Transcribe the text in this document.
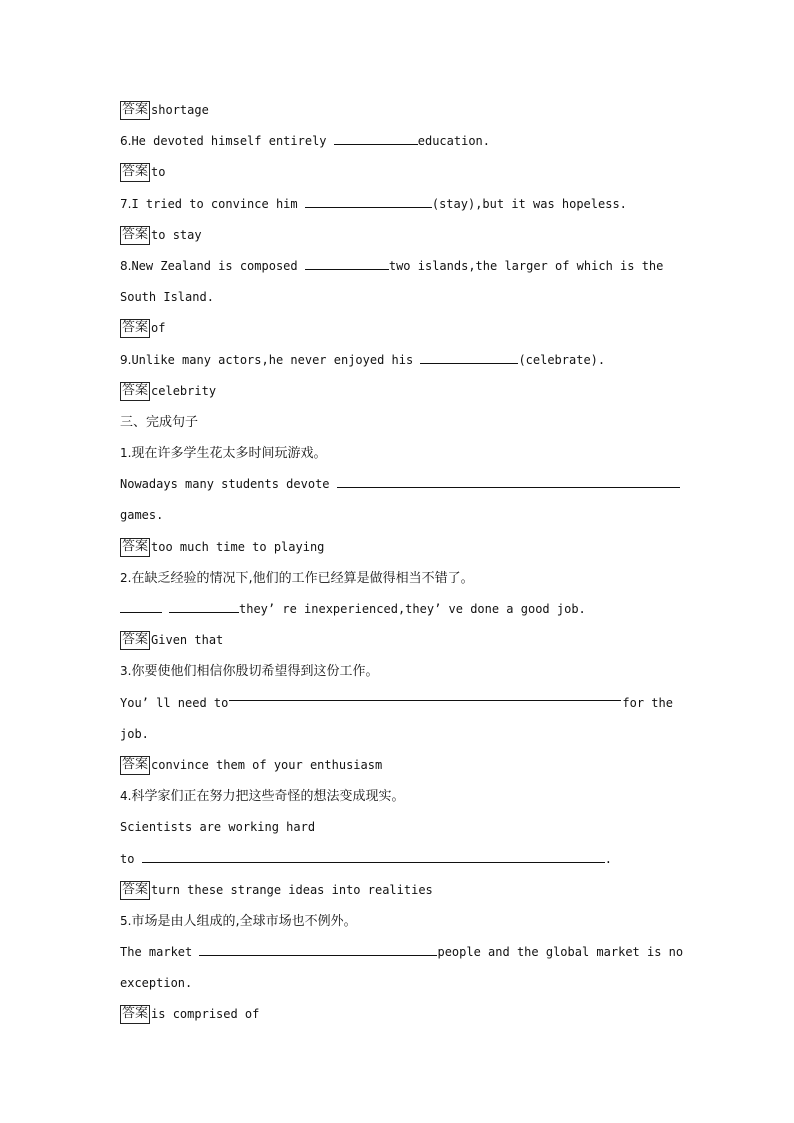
答案 shortage
6.He devoted himself entirely	education.
答案 to
7.I tried to convince him	(stay),but it was hopeless.
答案 to stay
8.New Zealand is composed	two islands,the larger of which is the
South Island.
答案 of
9.Unlike many actors,he never enjoyed his	(celebrate).
答案 celebrity
三、完成句子
1.现在许多学生花太多时间玩游戏。
Nowadays many students devote
games.
答案 too much time to playing
2.在缺乏经验的情况下,他们的工作已经算是做得相当不错了。
they’ re inexperienced,they’ ve done a good job.
答案 Given that
3.你要使他们相信你殷切希望得到这份工作。
You’ ll need to	for the
job.
答案 convince them of your enthusiasm
4.科学家们正在努力把这些奇怪的想法变成现实。
Scientists are working hard
to	.
答案 turn these strange ideas into realities
5.市场是由人组成的,全球市场也不例外。
The market	people and the global market is no
exception.
答案 is comprised of
